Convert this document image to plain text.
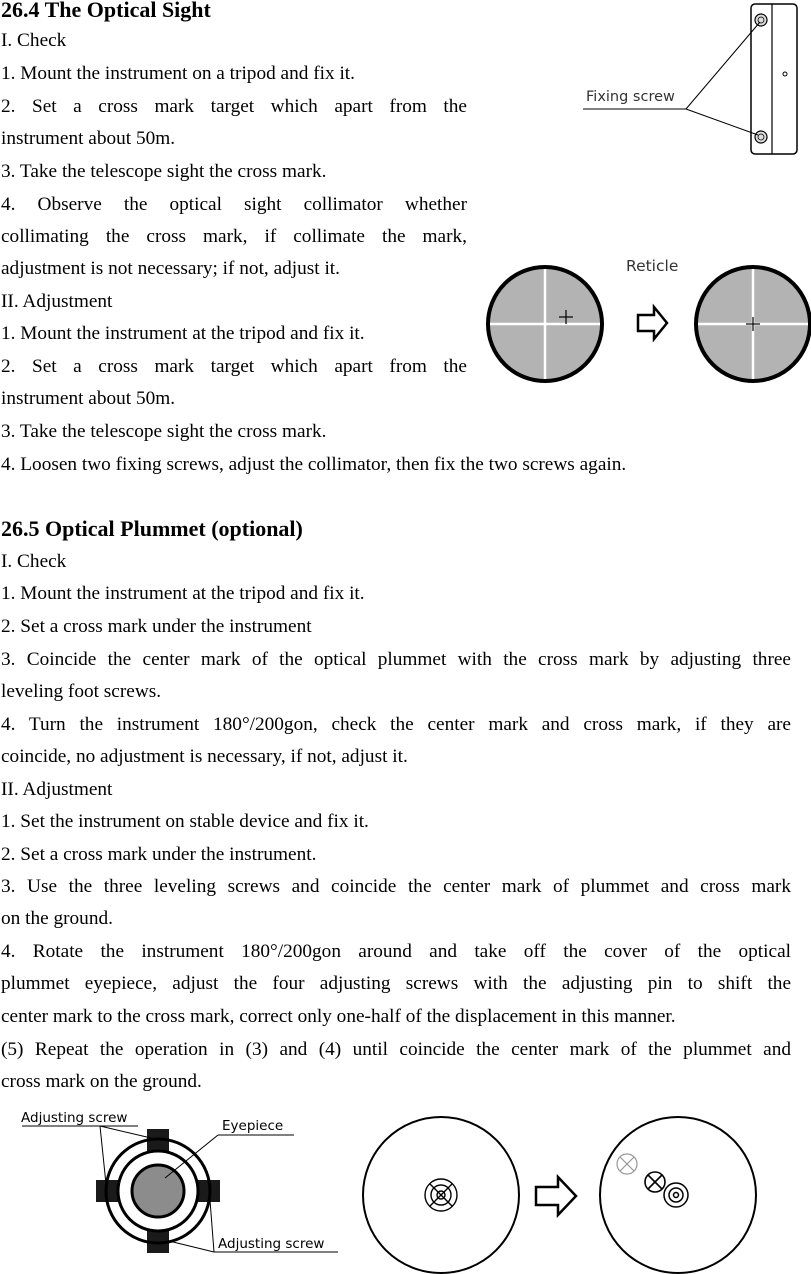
26.4 The Optical Sight
I. Check
1. Mount the instrument on a tripod and fix it.
2. Set a cross mark target which apart from the
instrument about 50m.
3. Take the telescope sight the cross mark.
4. Observe the optical sight collimator whether
collimating the cross mark, if collimate the mark,
adjustment is not necessary; if not, adjust it.
II. Adjustment
1. Mount the instrument at the tripod and fix it.
2. Set a cross mark target which apart from the
instrument about 50m.
3. Take the telescope sight the cross mark.
4. Loosen two fixing screws, adjust the collimator, then fix the two screws again.
26.5 Optical Plummet (optional)
I. Check
1. Mount the instrument at the tripod and fix it.
2. Set a cross mark under the instrument
3. Coincide the center mark of the optical plummet with the cross mark by adjusting three
leveling foot screws.
4. Turn the instrument 180°/200gon, check the center mark and cross mark, if they are
coincide, no adjustment is necessary, if not, adjust it.
II. Adjustment
1. Set the instrument on stable device and fix it.
2. Set a cross mark under the instrument.
3. Use the three leveling screws and coincide the center mark of plummet and cross mark
on the ground.
4. Rotate the instrument 180°/200gon around and take off the cover of the optical
plummet eyepiece, adjust the four adjusting screws with the adjusting pin to shift the
center mark to the cross mark, correct only one-half of the displacement in this manner.
(5) Repeat the operation in (3) and (4) until coincide the center mark of the plummet and
cross mark on the ground.
Fixing screw
Reticle
Adjusting screw	Eyepiece
Adjusting screw
